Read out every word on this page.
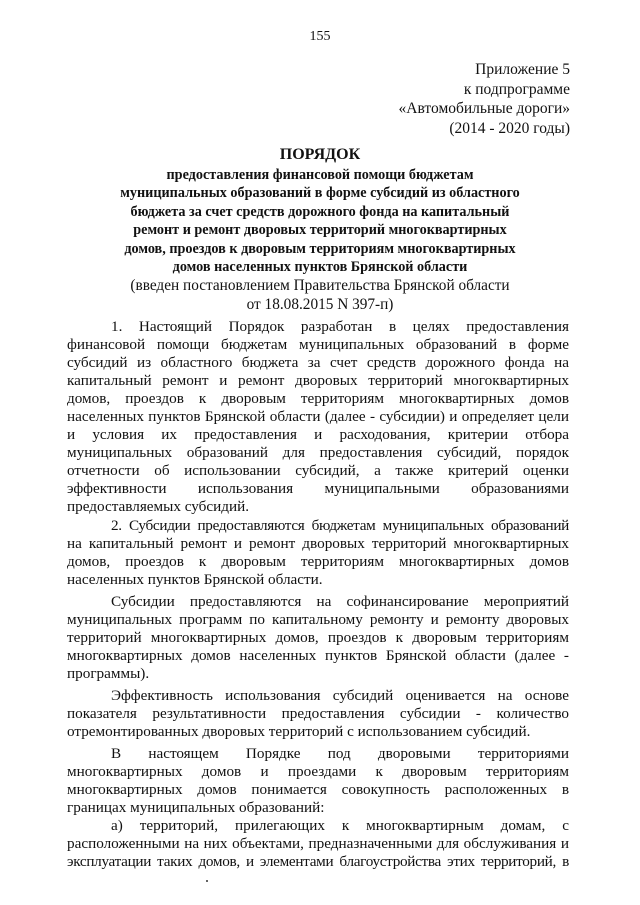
155
Приложение 5
к подпрограмме
«Автомобильные дороги»
(2014 - 2020 годы)
ПОРЯДОК
предоставления финансовой помощи бюджетам
муниципальных образований в форме субсидий из областного
бюджета за счет средств дорожного фонда на капитальный
ремонт и ремонт дворовых территорий многоквартирных
домов, проездов к дворовым территориям многоквартирных
домов населенных пунктов Брянской области
(введен постановлением Правительства Брянской области
от 18.08.2015 N 397-п)
1. Настоящий Порядок разработан в целях предоставления
финансовой помощи бюджетам муниципальных образований в форме
субсидий из областного бюджета за счет средств дорожного фонда на
капитальный ремонт и ремонт дворовых территорий многоквартирных
домов, проездов к дворовым территориям многоквартирных домов
населенных пунктов Брянской области (далее - субсидии) и определяет цели
и условия их предоставления и расходования, критерии отбора
муниципальных образований для предоставления субсидий, порядок
отчетности об использовании субсидий, а также критерий оценки
эффективности использования муниципальными образованиями
предоставляемых субсидий.
2. Субсидии предоставляются бюджетам муниципальных образований
на капитальный ремонт и ремонт дворовых территорий многоквартирных
домов, проездов к дворовым территориям многоквартирных домов
населенных пунктов Брянской области.
Субсидии предоставляются на софинансирование мероприятий
муниципальных программ по капитальному ремонту и ремонту дворовых
территорий многоквартирных домов, проездов к дворовым территориям
многоквартирных домов населенных пунктов Брянской области (далее -
программы).
Эффективность использования субсидий оценивается на основе
показателя результативности предоставления субсидии - количество
отремонтированных дворовых территорий с использованием субсидий.
В настоящем Порядке под дворовыми территориями
многоквартирных домов и проездами к дворовым территориям
многоквартирных домов понимается совокупность расположенных в
границах муниципальных образований:
а) территорий, прилегающих к многоквартирным домам, с
расположенными на них объектами, предназначенными для обслуживания и
эксплуатации таких домов, и элементами благоустройства этих территорий, в
